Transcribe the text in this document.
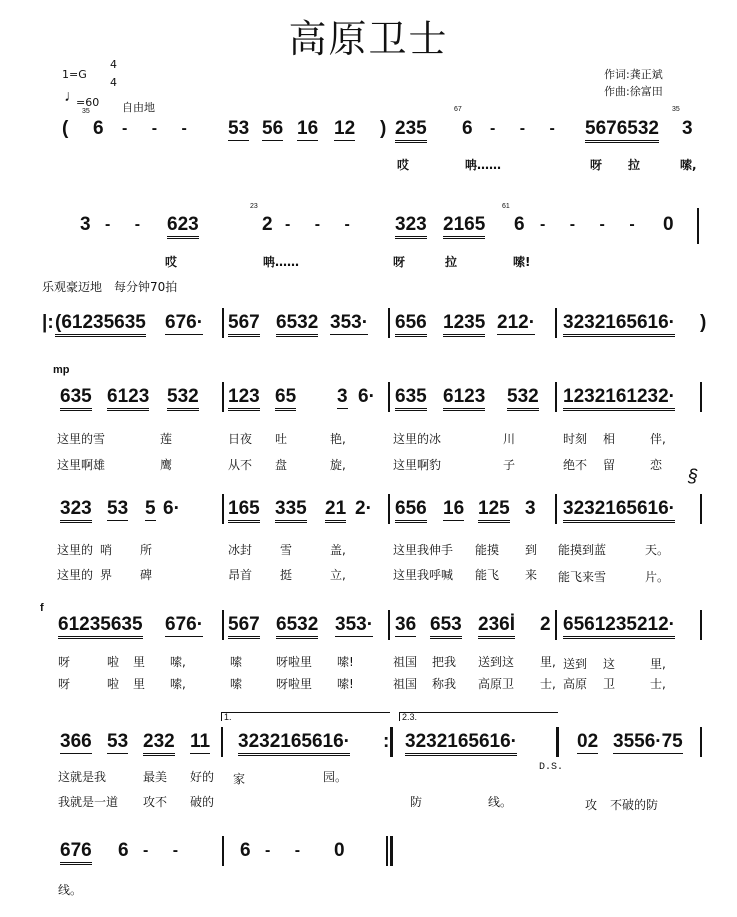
高原卫士
1=G
4
4
♩
=60 自由地
作词:龚正斌
作曲:徐富田
(
35
6 - - - 53 56 16 12 ) 235
67
6 - - - 5676532
35
3
哎	呥……	呀 拉	嗦,
3 - - 623
23
2 - - - 323 2165
61
6 - - - - 0
哎	呥……	呀	拉	嗦!
乐观豪迈地　每分钟70拍
|: (61235635 676· 567 6532 353· 656 1235 212· 3232165616· )
mp
635 6123 532 123 65 3 6· 635 6123 532 1232161232·
这里的雪	莲	日夜 吐	艳,	这里的冰	川	时刻 相	伴,
这里啊雄	鹰	从不 盘	旋,	这里啊豹	子	绝不 留	恋
§
323 53 5 6·	165 335 21 2· 656 16 125 3 3232165616·
这里的 哨 所	冰封 雪	盖,	这里我伸手 能摸 到 能摸到蓝	天。
这里的 界 碑	昂首 挺	立,	这里我呼喊 能飞 来 能飞来雪	片。
f
61235635 676· 567 6532 353· 36 653 236İ 2 6561235212·
呀	啦 里 嗦,	嗦	呀啦里 嗦!	祖国 把我 送到这 里, 送到 这	里,
呀	啦 里 嗦,	嗦	呀啦里 嗦!	祖国 称我 高原卫 士, 高原 卫	士,
366 53 232 11
1.
3232165616· :
2.3.
3232165616·
D.S.
02 3556·75
这就是我	最美 好的 家	园。
我就是一道 攻不 破的	防	线。	攻 不破的防
676 6 - -	6 - - 0
线。
